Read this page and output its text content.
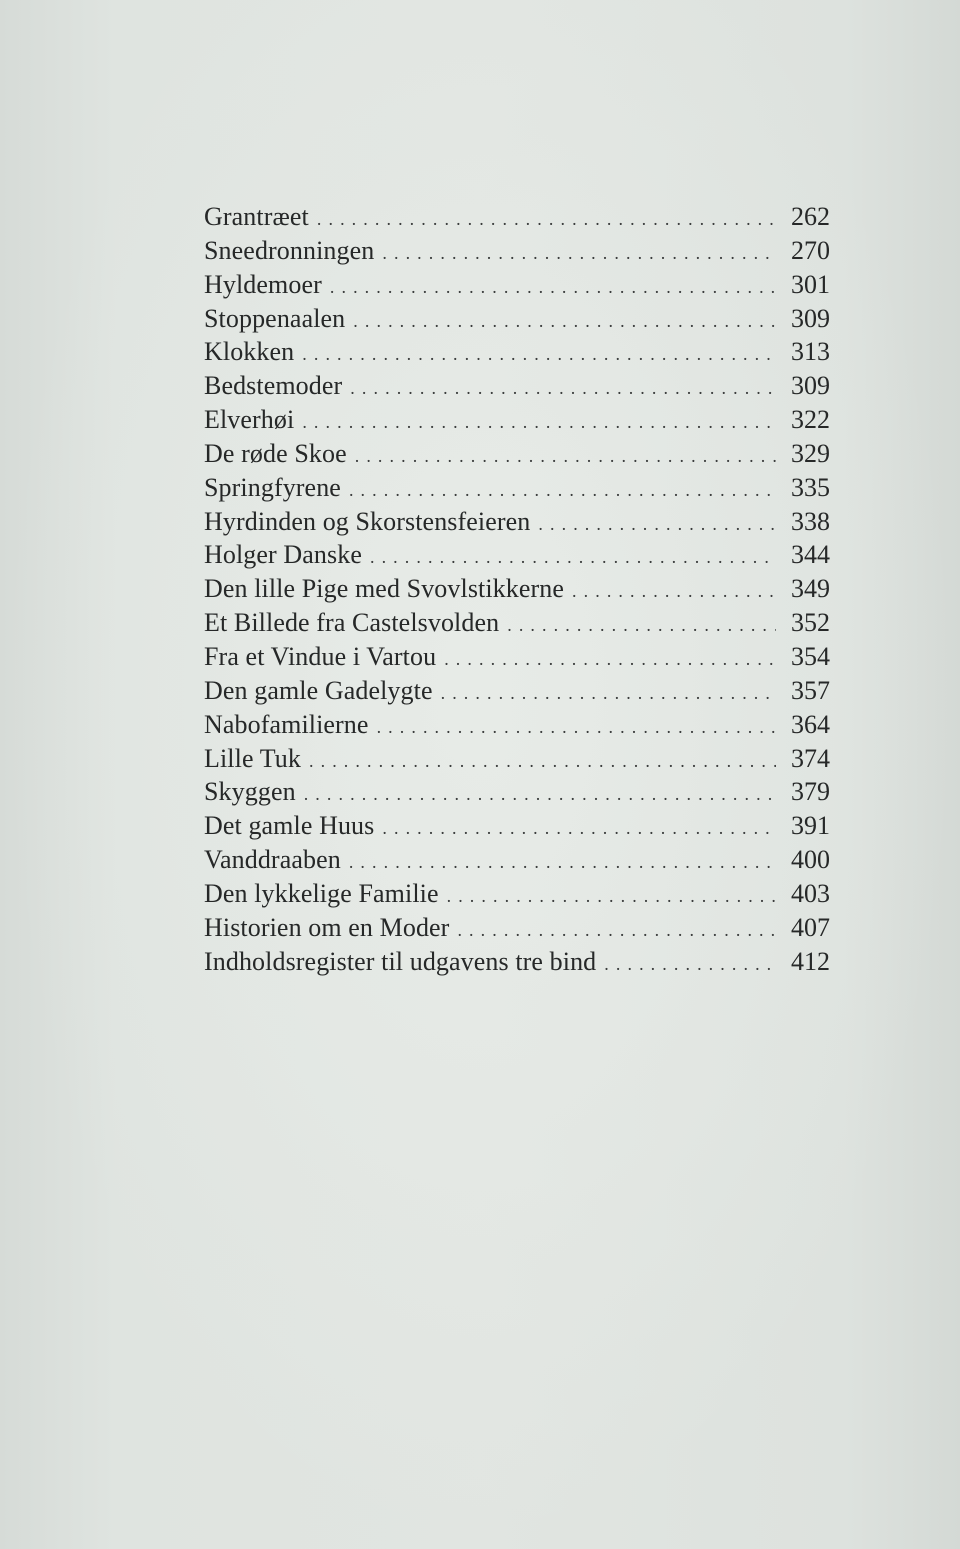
Grantræet . . .	262
Sneedronningen . . .	270
Hyldemoer . . .	301
Stoppenaalen . . .	309
Klokken . . .	313
Bedstemoder . . .	309
Elverhøi . . .	322
De røde Skoe . . .	329
Springfyrene . . .	335
Hyrdinden og Skorstensfeieren . . .	338
Holger Danske . . .	344
Den lille Pige med Svovlstikkerne . . .	349
Et Billede fra Castelsvolden . . .	352
Fra et Vindue i Vartou . . .	354
Den gamle Gadelygte . . .	357
Nabofamilierne . . .	364
Lille Tuk . . .	374
Skyggen . . .	379
Det gamle Huus . . .	391
Vanddraaben . . .	400
Den lykkelige Familie . . .	403
Historien om en Moder . . .	407
Indholdsregister til udgavens tre bind . . .	412
